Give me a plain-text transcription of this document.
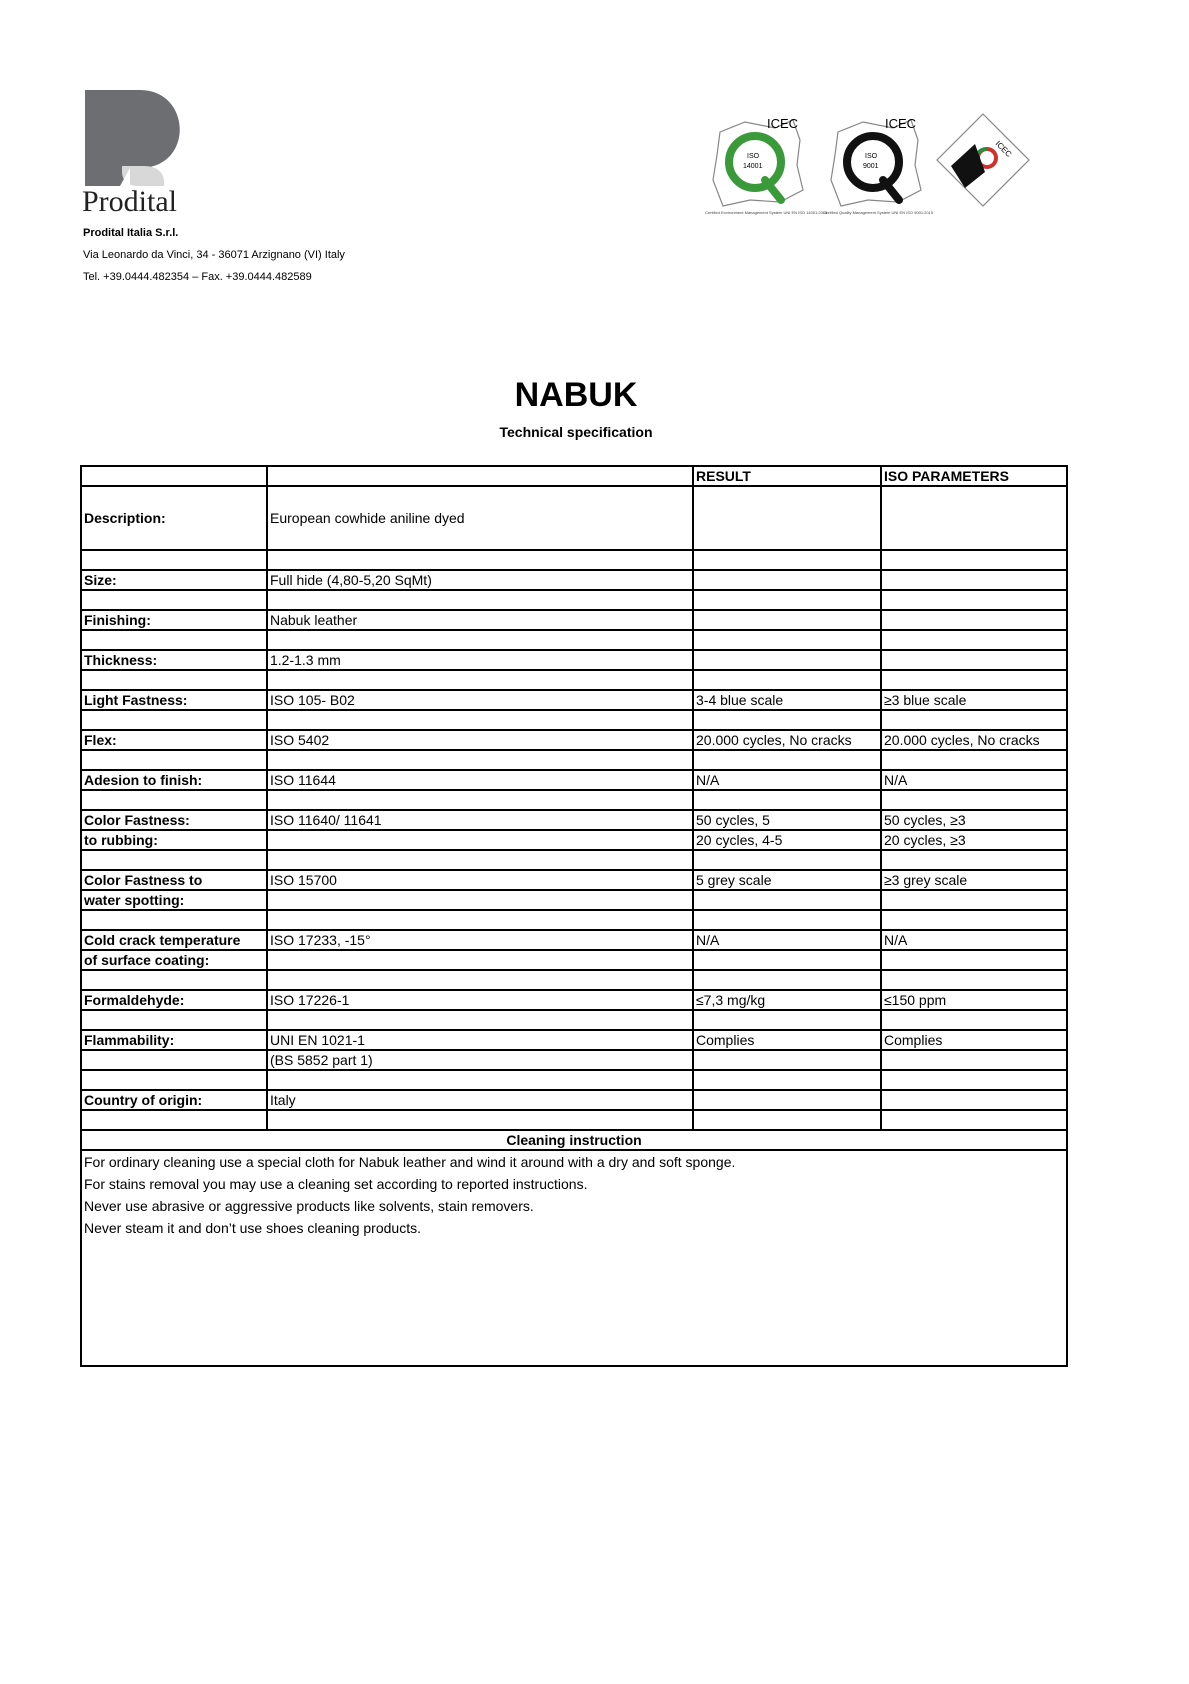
Prodital
Prodital Italia S.r.l.
Via Leonardo da Vinci, 34 - 36071 Arzignano (VI) Italy
Tel. +39.0444.482354 – Fax. +39.0444.482589
ISO
14001
ICEC
Certified Environment Management System UNI EN ISO 14001:2015
ISO
9001
ICEC
Certified Quality Management System UNI EN ISO 9001:2015
ICEC
NABUK
Technical specification
		RESULT	ISO PARAMETERS
Description:	European cowhide aniline dyed		

Size:	Full hide (4,80-5,20 SqMt)		

Finishing:	Nabuk leather		

Thickness:	1.2-1.3 mm		

Light Fastness:	ISO 105- B02	3-4 blue scale	≥3 blue scale

Flex:	ISO 5402	20.000 cycles, No cracks	20.000 cycles, No cracks

Adesion to finish:	ISO 11644	N/A	N/A

Color Fastness:	ISO 11640/ 11641	50 cycles, 5	50 cycles, ≥3
to rubbing:		20 cycles, 4-5	20 cycles, ≥3

Color Fastness to	ISO 15700	5 grey scale	≥3 grey scale
water spotting:			

Cold crack temperature	ISO 17233, -15°	N/A	N/A
of surface coating:			

Formaldehyde:	ISO 17226-1	≤7,3 mg/kg	≤150 ppm

Flammability:	UNI EN 1021-1	Complies	Complies
	(BS 5852 part 1)		

Country of origin:	Italy		

Cleaning instruction			

For ordinary cleaning use a special cloth for Nabuk leather and wind it around with a dry and soft sponge.
For stains removal you may use a cleaning set according to reported instructions.
Never use abrasive or aggressive products like solvents, stain removers.
Never steam it and don’t use shoes cleaning products.			
